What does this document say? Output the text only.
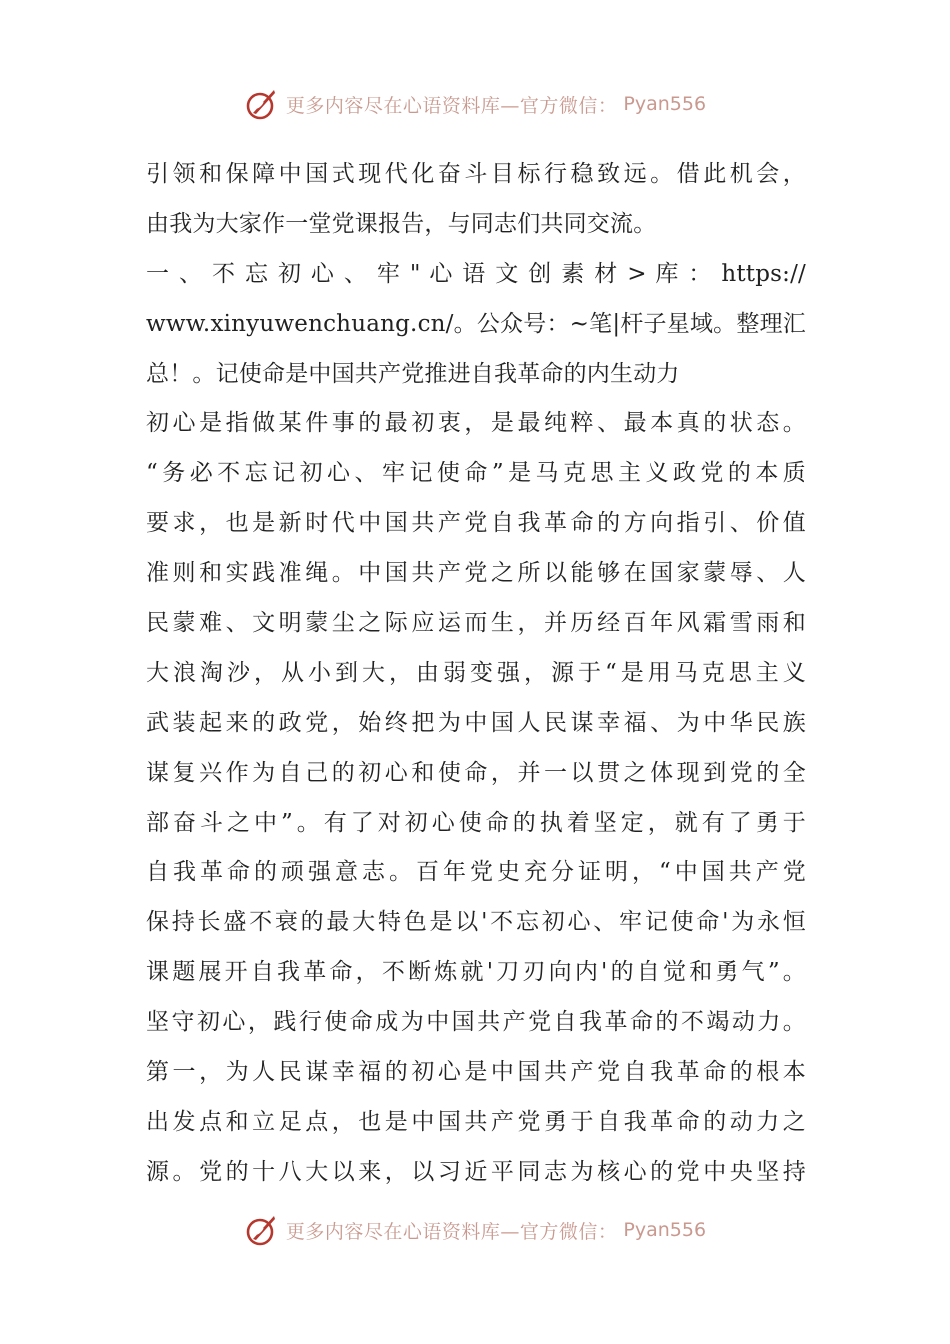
更多内容尽在心语资料库—官方微信： Pyan556
引领和保障中国式现代化奋斗目标行稳致远。借此机会，
由我为大家作一堂党课报告，与同志们共同交流。
一 、 不 忘 初 心 、 牢 " 心 语 文 创 素 材 > 库 ： https://
www.xinyuwenchuang.cn/。公众号：~笔|杆子星域。整理汇
总！。记使命是中国共产党推进自我革命的内生动力
初心是指做某件事的最初衷，是最纯粹、最本真的状态。
“务必不忘记初心、牢记使命”是马克思主义政党的本质
要求，也是新时代中国共产党自我革命的方向指引、价值
准则和实践准绳。中国共产党之所以能够在国家蒙辱、人
民蒙难、文明蒙尘之际应运而生，并历经百年风霜雪雨和
大浪淘沙，从小到大，由弱变强，源于“是用马克思主义
武装起来的政党，始终把为中国人民谋幸福、为中华民族
谋复兴作为自己的初心和使命，并一以贯之体现到党的全
部奋斗之中”。有了对初心使命的执着坚定，就有了勇于
自我革命的顽强意志。百年党史充分证明，“中国共产党
保持长盛不衰的最大特色是以'不忘初心、牢记使命'为永恒
课题展开自我革命，不断炼就'刀刃向内'的自觉和勇气”。
坚守初心，践行使命成为中国共产党自我革命的不竭动力。
第一，为人民谋幸福的初心是中国共产党自我革命的根本
出发点和立足点，也是中国共产党勇于自我革命的动力之
源。党的十八大以来，以习近平同志为核心的党中央坚持
更多内容尽在心语资料库—官方微信： Pyan556
